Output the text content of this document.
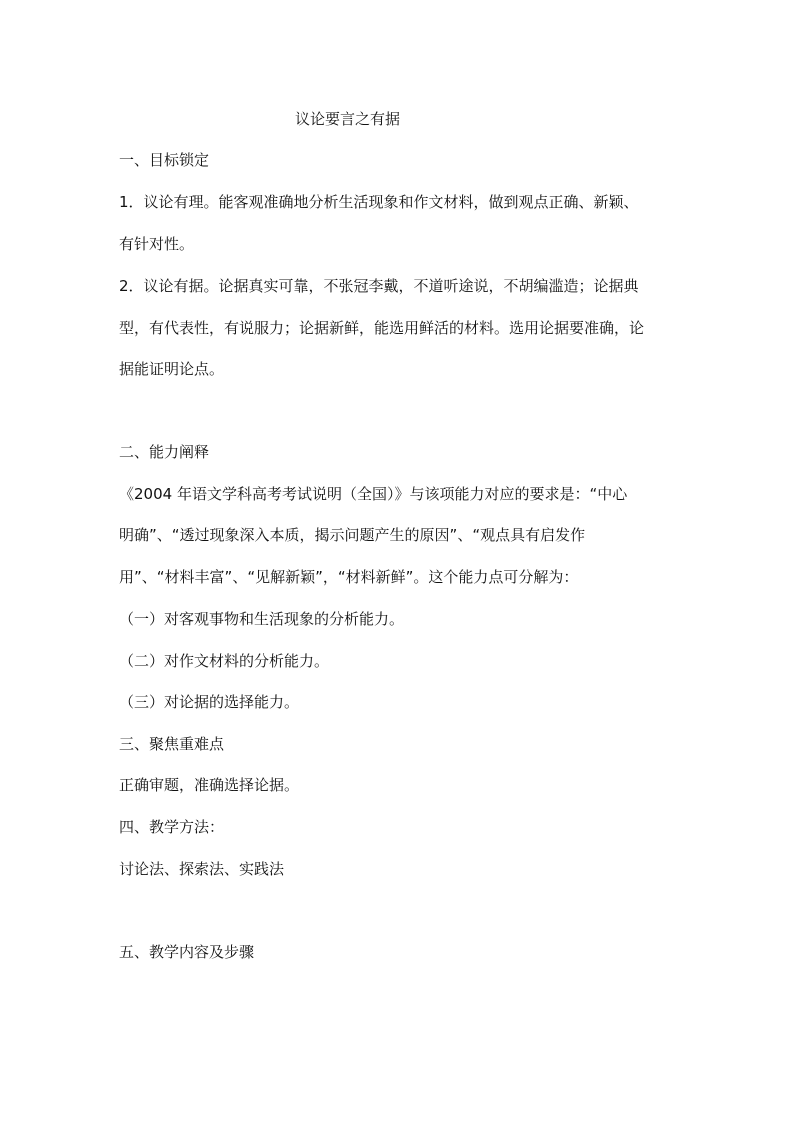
议论要言之有据
一、目标锁定
1．议论有理。能客观准确地分析生活现象和作文材料，做到观点正确、新颖、
有针对性。
2．议论有据。论据真实可靠，不张冠李戴，不道听途说，不胡编滥造；论据典
型，有代表性，有说服力；论据新鲜，能选用鲜活的材料。选用论据要准确，论
据能证明论点。
二、能力阐释
《2004 年语文学科高考考试说明（全国）》与该项能力对应的要求是：“中心
明确”、“透过现象深入本质，揭示问题产生的原因”、“观点具有启发作
用”、“材料丰富”、“见解新颖”，“材料新鲜”。这个能力点可分解为：
（一）对客观事物和生活现象的分析能力。
（二）对作文材料的分析能力。
（三）对论据的选择能力。
三、聚焦重难点
正确审题，准确选择论据。
四、教学方法：
讨论法、探索法、实践法
五、教学内容及步骤
